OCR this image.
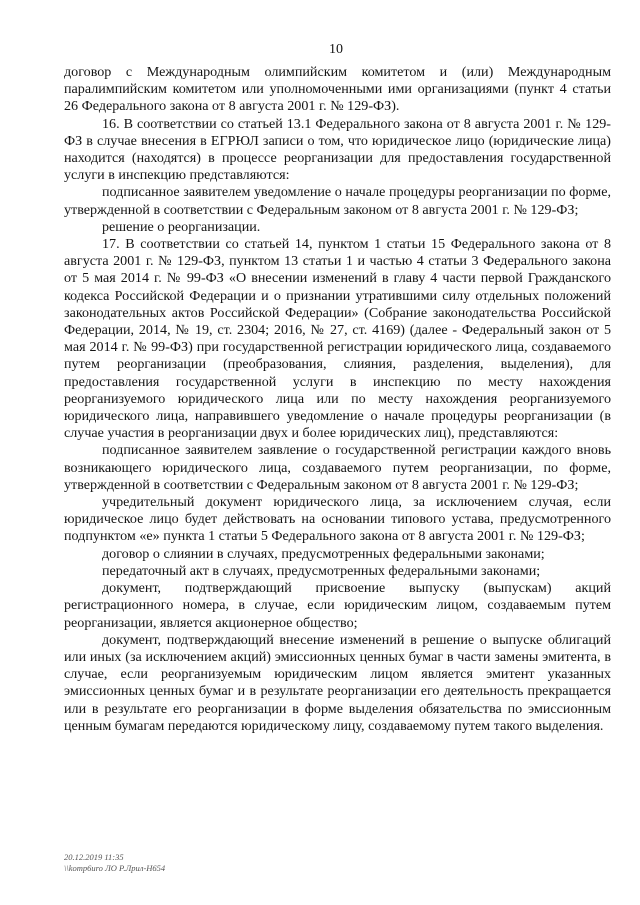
10

договор с Международным олимпийским комитетом и (или) Международным паралимпийским комитетом или уполномоченными ими организациями (пункт 4 статьи 26 Федерального закона от 8 августа 2001 г. № 129-ФЗ).

16. В соответствии со статьей 13.1 Федерального закона от 8 августа 2001 г. № 129-ФЗ в случае внесения в ЕГРЮЛ записи о том, что юридическое лицо (юридические лица) находится (находятся) в процессе реорганизации для предоставления государственной услуги в инспекцию представляются:

подписанное заявителем уведомление о начале процедуры реорганизации по форме, утвержденной в соответствии с Федеральным законом от 8 августа 2001 г. № 129-ФЗ;

решение о реорганизации.

17. В соответствии со статьей 14, пунктом 1 статьи 15 Федерального закона от 8 августа 2001 г. № 129-ФЗ, пунктом 13 статьи 1 и частью 4 статьи 3 Федерального закона от 5 мая 2014 г. № 99-ФЗ «О внесении изменений в главу 4 части первой Гражданского кодекса Российской Федерации и о признании утратившими силу отдельных положений законодательных актов Российской Федерации» (Собрание законодательства Российской Федерации, 2014, № 19, ст. 2304; 2016, № 27, ст. 4169) (далее - Федеральный закон от 5 мая 2014 г. № 99-ФЗ) при государственной регистрации юридического лица, создаваемого путем реорганизации (преобразования, слияния, разделения, выделения), для предоставления государственной услуги в инспекцию по месту нахождения реорганизуемого юридического лица или по месту нахождения реорганизуемого юридического лица, направившего уведомление о начале процедуры реорганизации (в случае участия в реорганизации двух и более юридических лиц), представляются:

подписанное заявителем заявление о государственной регистрации каждого вновь возникающего юридического лица, создаваемого путем реорганизации, по форме, утвержденной в соответствии с Федеральным законом от 8 августа 2001 г. № 129-ФЗ;

учредительный документ юридического лица, за исключением случая, если юридическое лицо будет действовать на основании типового устава, предусмотренного подпунктом «е» пункта 1 статьи 5 Федерального закона от 8 августа 2001 г. № 129-ФЗ;

договор о слиянии в случаях, предусмотренных федеральными законами;

передаточный акт в случаях, предусмотренных федеральными законами;

документ, подтверждающий присвоение выпуску (выпускам) акций регистрационного номера, в случае, если юридическим лицом, создаваемым путем реорганизации, является акционерное общество;

документ, подтверждающий внесение изменений в решение о выпуске облигаций или иных (за исключением акций) эмиссионных ценных бумаг в части замены эмитента, в случае, если реорганизуемым юридическим лицом является эмитент указанных эмиссионных ценных бумаг и в результате реорганизации его деятельность прекращается или в результате его реорганизации в форме выделения обязательства по эмиссионным ценным бумагам передаются юридическому лицу, создаваемому путем такого выделения.

20.12.2019 11:35
\\komp6uro ЛО Р.Лрил-Н654
